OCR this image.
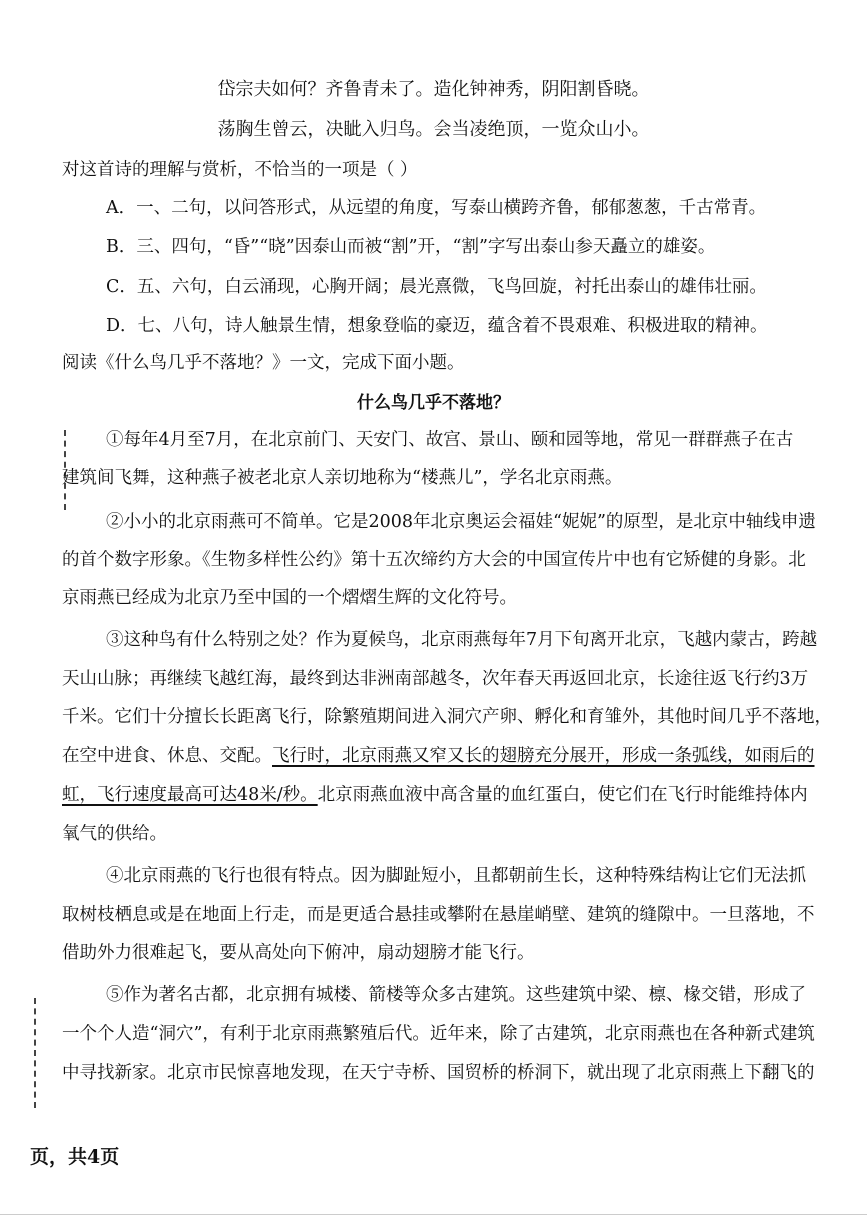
岱宗夫如何？齐鲁青未了。造化钟神秀，阴阳割昏晓。
荡胸生曾云，决眦入归鸟。会当凌绝顶，一览众山小。
对这首诗的理解与赏析，不恰当的一项是（ ）
A．一、二句，以问答形式，从远望的角度，写泰山横跨齐鲁，郁郁葱葱，千古常青。
B．三、四句，“昏”“晓”因泰山而被“割”开，“割”字写出泰山参天矗立的雄姿。
C．五、六句，白云涌现，心胸开阔；晨光熹微，飞鸟回旋，衬托出泰山的雄伟壮丽。
D．七、八句，诗人触景生情，想象登临的豪迈，蕴含着不畏艰难、积极进取的精神。
阅读《什么鸟几乎不落地？》一文，完成下面小题。
什么鸟几乎不落地？
①每年4月至7月，在北京前门、天安门、故宫、景山、颐和园等地，常见一群群燕子在古
建筑间飞舞，这种燕子被老北京人亲切地称为“楼燕儿”，学名北京雨燕。
②小小的北京雨燕可不简单。它是2008年北京奥运会福娃“妮妮”的原型，是北京中轴线申遗
的首个数字形象。《生物多样性公约》第十五次缔约方大会的中国宣传片中也有它矫健的身影。北
京雨燕已经成为北京乃至中国的一个熠熠生辉的文化符号。
③这种鸟有什么特别之处？作为夏候鸟，北京雨燕每年7月下旬离开北京，飞越内蒙古，跨越
天山山脉；再继续飞越红海，最终到达非洲南部越冬，次年春天再返回北京，长途往返飞行约3万
千米。它们十分擅长长距离飞行，除繁殖期间进入洞穴产卵、孵化和育雏外，其他时间几乎不落地，
在空中进食、休息、交配。飞行时，北京雨燕又窄又长的翅膀充分展开，形成一条弧线，如雨后的
虹，飞行速度最高可达48米/秒。北京雨燕血液中高含量的血红蛋白，使它们在飞行时能维持体内
氧气的供给。
④北京雨燕的飞行也很有特点。因为脚趾短小，且都朝前生长，这种特殊结构让它们无法抓
取树枝栖息或是在地面上行走，而是更适合悬挂或攀附在悬崖峭壁、建筑的缝隙中。一旦落地，不
借助外力很难起飞，要从高处向下俯冲，扇动翅膀才能飞行。
⑤作为著名古都，北京拥有城楼、箭楼等众多古建筑。这些建筑中梁、檩、椽交错，形成了
一个个人造“洞穴”，有利于北京雨燕繁殖后代。近年来，除了古建筑，北京雨燕也在各种新式建筑
中寻找新家。北京市民惊喜地发现，在天宁寺桥、国贸桥的桥洞下，就出现了北京雨燕上下翻飞的
页，共4页
